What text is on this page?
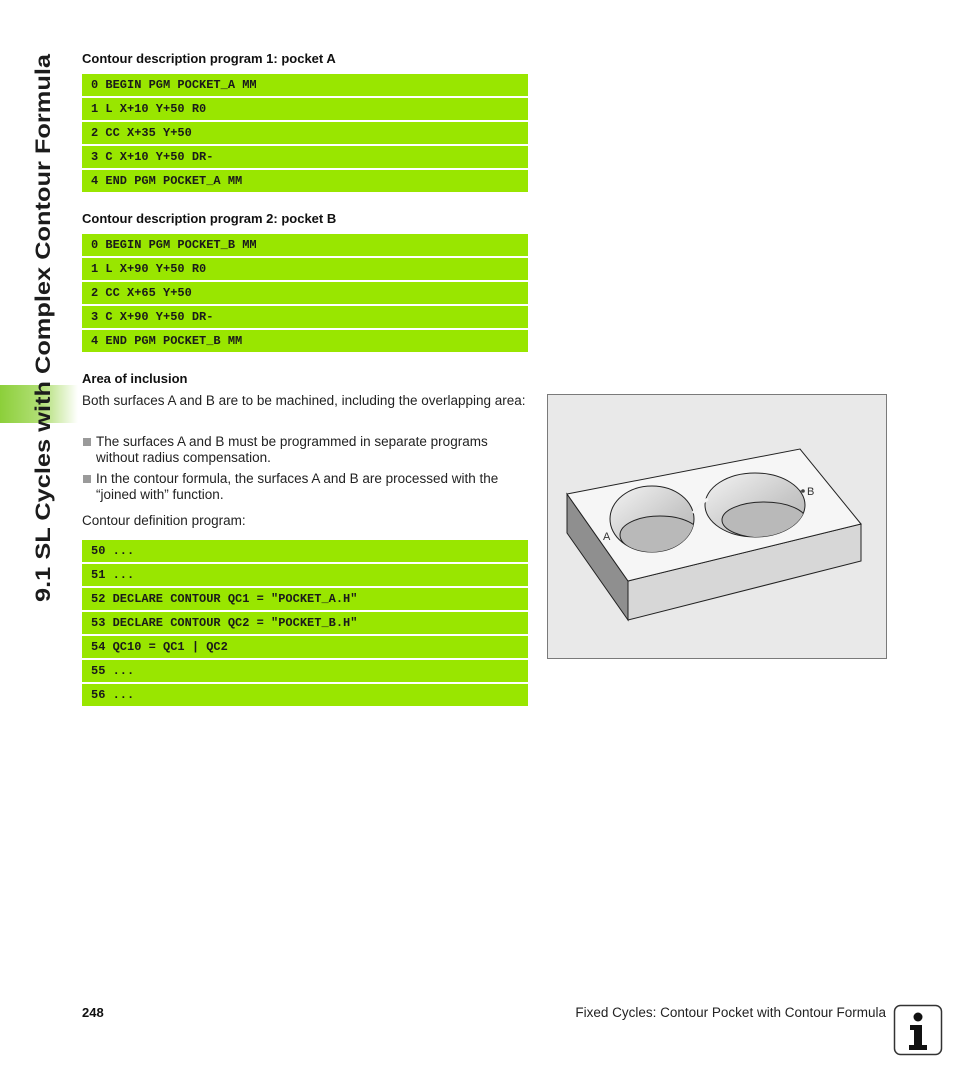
9.1 SL Cycles with Complex Contour Formula
Contour description program 1: pocket A
0 BEGIN PGM POCKET_A MM
1 L X+10 Y+50 R0
2 CC X+35 Y+50
3 C X+10 Y+50 DR-
4 END PGM POCKET_A MM
Contour description program 2: pocket B
0 BEGIN PGM POCKET_B MM
1 L X+90 Y+50 R0
2 CC X+65 Y+50
3 C X+90 Y+50 DR-
4 END PGM POCKET_B MM
Area of inclusion
Both surfaces A and B are to be machined, including the overlapping area:
The surfaces A and B must be programmed in separate programs without radius compensation.
In the contour formula, the surfaces A and B are processed with the “joined with” function.
Contour definition program:
50 ...
51 ...
52 DECLARE CONTOUR QC1 = "POCKET_A.H"
53 DECLARE CONTOUR QC2 = "POCKET_B.H"
54 QC10 = QC1 | QC2
55 ...
56 ...
B
A
248	Fixed Cycles: Contour Pocket with Contour Formula
